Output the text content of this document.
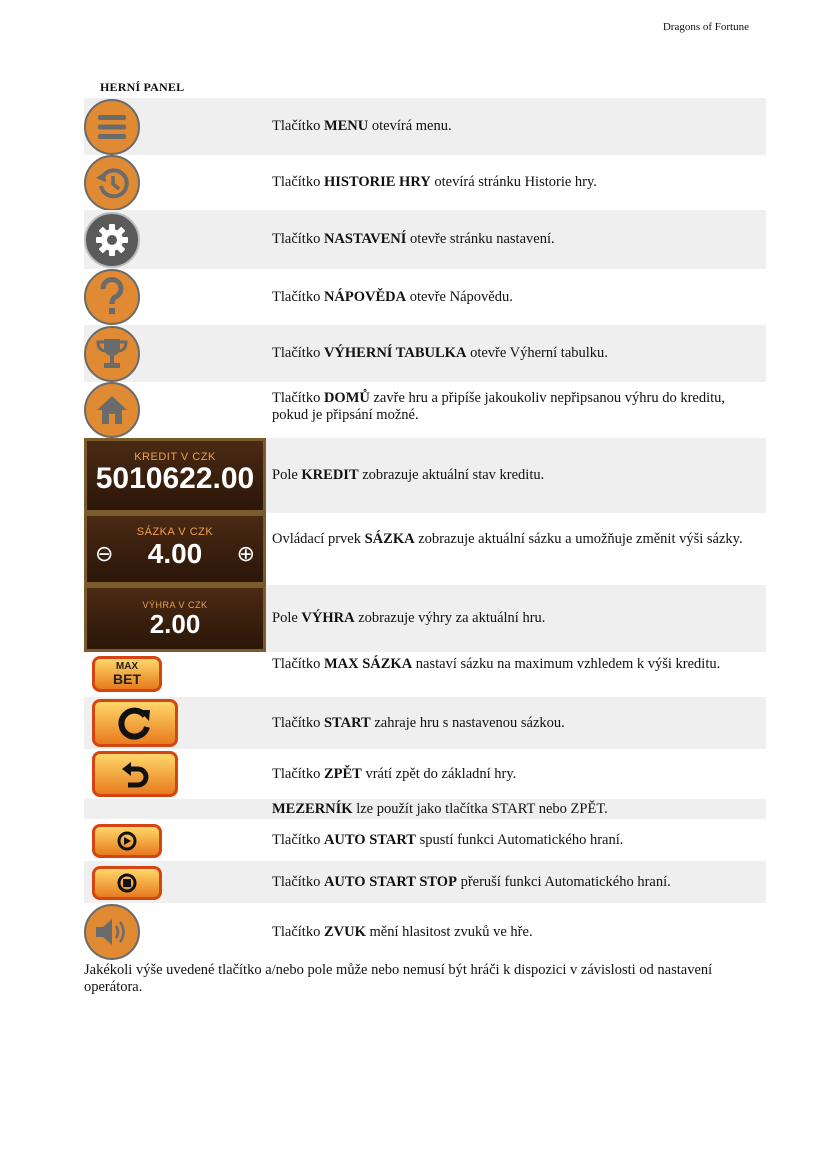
Dragons of Fortune
HERNÍ PANEL
Tlačítko MENU otevírá menu.
Tlačítko HISTORIE HRY otevírá stránku Historie hry.
Tlačítko NASTAVENÍ otevře stránku nastavení.
Tlačítko NÁPOVĚDA otevře Nápovědu.
Tlačítko VÝHERNÍ TABULKA otevře Výherní tabulku.
Tlačítko DOMŮ zavře hru a připíše jakoukoliv nepřipsanou výhru do kreditu, pokud je připsání možné.
KREDIT V CZK
5010622.00	Pole KREDIT zobrazuje aktuální stav kreditu.
SÁZKA V CZK
⊖ 4.00 ⊕
Ovládací prvek SÁZKA zobrazuje aktuální sázku a umožňuje změnit výši sázky.
VÝHRA V CZK
2.00	Pole VÝHRA zobrazuje výhry za aktuální hru.
MAX
BET
Tlačítko MAX SÁZKA nastaví sázku na maximum vzhledem k výši kreditu.
Tlačítko START zahraje hru s nastavenou sázkou.
Tlačítko ZPĚT vrátí zpět do základní hry.
MEZERNÍK lze použít jako tlačítka START nebo ZPĚT.
Tlačítko AUTO START spustí funkci Automatického hraní.
Tlačítko AUTO START STOP přeruší funkci Automatického hraní.
Tlačítko ZVUK mění hlasitost zvuků ve hře.
Jakékoli výše uvedené tlačítko a/nebo pole může nebo nemusí být hráči k dispozici v závislosti od nastavení operátora.
